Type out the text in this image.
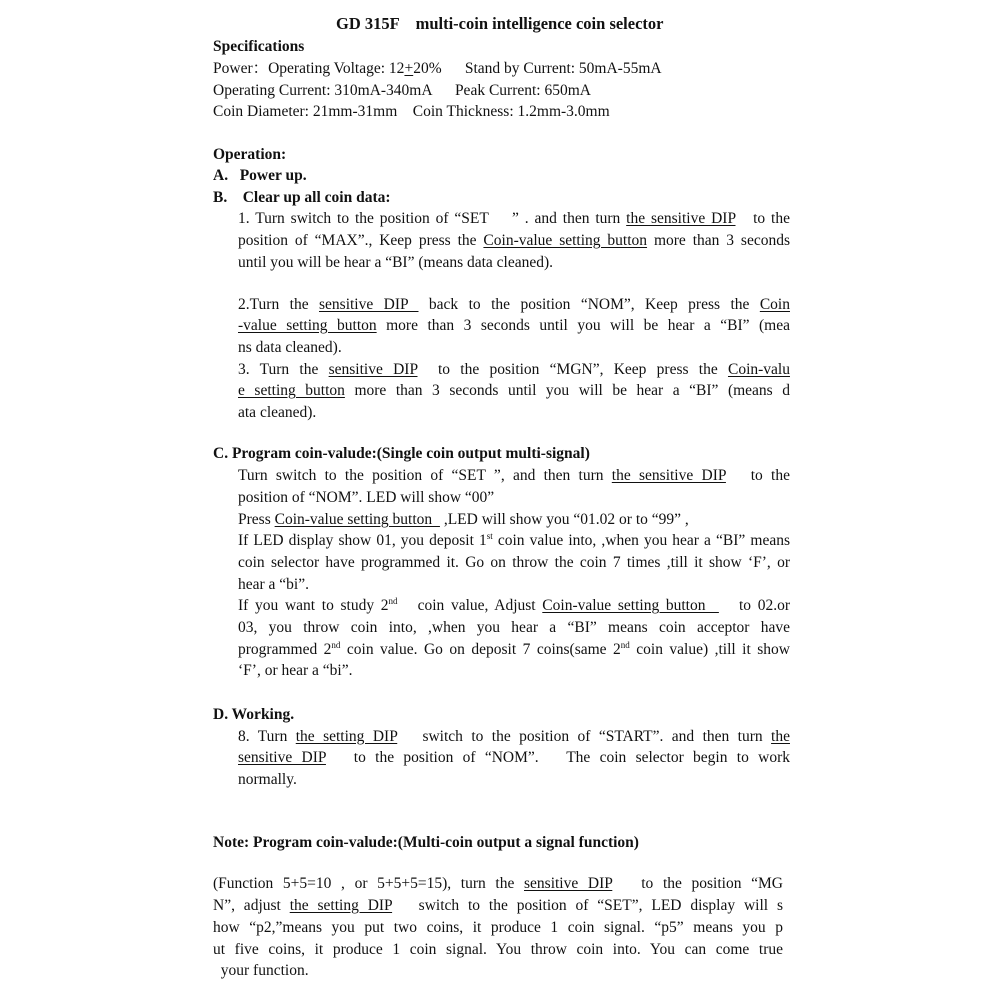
GD 315F    multi-coin intelligence coin selector
Specifications
Power：Operating Voltage: 12+20%      Stand by Current: 50mA-55mA
Operating Current: 310mA-340mA      Peak Current: 650mA
Coin Diameter: 21mm-31mm    Coin Thickness: 1.2mm-3.0mm
Operation:
A.   Power up.
B.    Clear up all coin data:
1. Turn switch to the position of “SET    ” . and then turn the sensitive DIP   to the
position of “MAX”., Keep press the Coin-value setting button more than 3 seconds
until you will be hear a “BI” (means data cleaned).
2.Turn the sensitive DIP  back to the position “NOM”, Keep press the Coin
-value setting button more than 3 seconds until you will be hear a “BI” (mea
ns data cleaned).
3. Turn the sensitive DIP  to the position “MGN”, Keep press the Coin-valu
e setting button more than 3 seconds until you will be hear a “BI” (means d
ata cleaned).
C. Program coin-valude:(Single coin output multi-signal)
Turn switch to the position of “SET ”, and then turn the sensitive DIP   to the
position of “NOM”. LED will show “00”
Press Coin-value setting button   ,LED will show you “01.02 or to “99” ,
If LED display show 01, you deposit 1st coin value into, ,when you hear a “BI” means
coin selector have programmed it. Go on throw the coin 7 times ,till it show ‘F’, or
hear a “bi”.
If you want to study 2nd   coin value, Adjust Coin-value setting button     to 02.or
03, you throw coin into, ,when you hear a “BI” means coin acceptor have
programmed 2nd coin value. Go on deposit 7 coins(same 2nd coin value) ,till it show
‘F’, or hear a “bi”.
D. Working.
8. Turn the setting DIP   switch to the position of “START”. and then turn the
sensitive DIP   to the position of “NOM”.   The coin selector begin to work
normally.
Note: Program coin-valude:(Multi-coin output a signal function)
(Function 5+5=10 , or 5+5+5=15), turn the sensitive DIP   to the position “MG
N”, adjust the setting DIP   switch to the position of “SET”, LED display will s
how “p2,”means you put two coins, it produce 1 coin signal. “p5” means you p
ut five coins, it produce 1 coin signal. You throw coin into. You can come true
your function.
